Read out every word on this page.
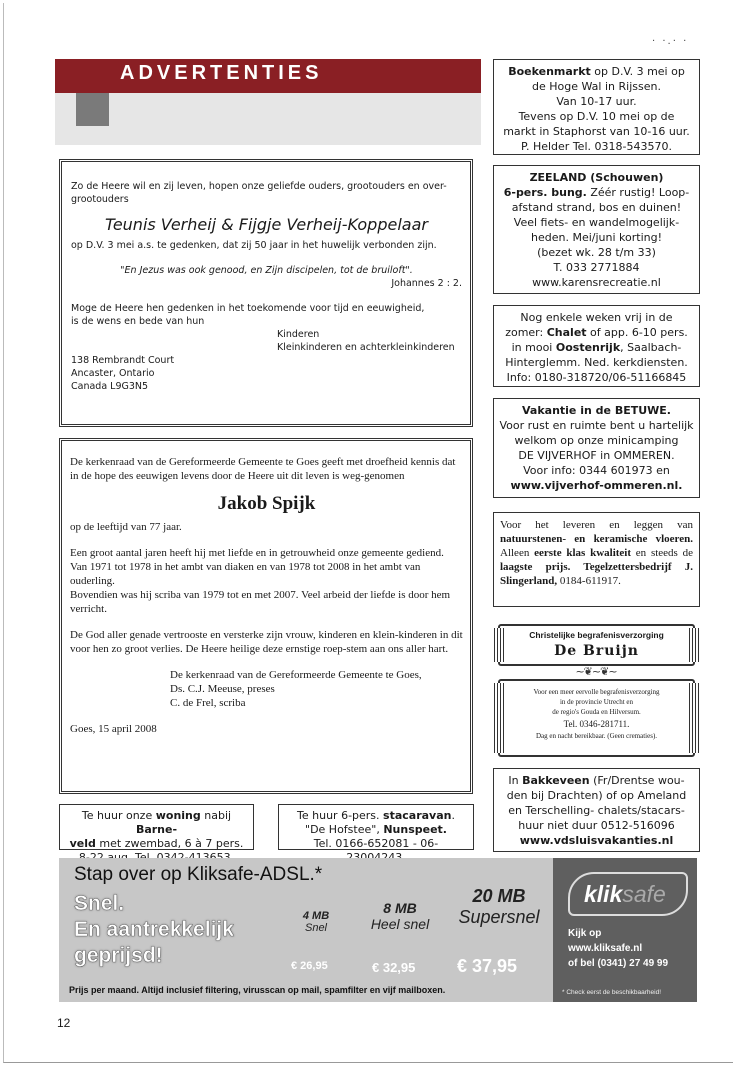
· ·.· ·
ADVERTENTIES	Boekenmarkt op D.V. 3 mei op
de Hoge Wal in Rijssen.
Van 10-17 uur.
Tevens op D.V. 10 mei op de
markt in Staphorst van 10-16 uur.
P. Helder Tel. 0318-543570.
ZEELAND (Schouwen)
6-pers. bung. Zéér rustig! Loop-
afstand strand, bos en duinen!
Veel fiets- en wandelmogelijk-
heden. Mei/juni korting!
(bezet wk. 28 t/m 33)
T. 033 2771884
www.karensrecreatie.nl
Nog enkele weken vrij in de
zomer: Chalet of app. 6-10 pers.
in mooi Oostenrijk, Saalbach-
Hinterglemm. Ned. kerkdiensten.
Info: 0180-318720/06-51166845
Vakantie in de BETUWE.
Voor rust en ruimte bent u hartelijk
welkom op onze minicamping
DE VIJVERHOF in OMMEREN.
Voor info: 0344 601973 en
www.vijverhof-ommeren.nl.
Voor het leveren en leggen van natuurstenen- en keramische vloeren. Alleen eerste klas kwaliteit en steeds de laagste prijs. Tegelzettersbedrijf J. Slingerland, 0184-611917.
Christelijke begrafenisverzorging
De Bruijn
~❦~❦~
Voor een meer eervolle begrafenisverzorging
in de provincie Utrecht en
de regio's Gouda en Hilversum.
Tel. 0346-281711.
Dag en nacht bereikbaar. (Geen crematies).
In Bakkeveen (Fr/Drentse wou-
den bij Drachten) of op Ameland
en Terschelling- chalets/stacars-
huur niet duur 0512-516096
www.vdsluisvakanties.nl
Zo de Heere wil en zij leven, hopen onze geliefde ouders, grootouders en over-grootouders
Teunis Verheij & Fijgje Verheij-Koppelaar
op D.V. 3 mei a.s. te gedenken, dat zij 50 jaar in het huwelijk verbonden zijn.
"En Jezus was ook genood, en Zijn discipelen, tot de bruiloft".
Johannes 2 : 2.
Moge de Heere hen gedenken in het toekomende voor tijd en eeuwigheid,
is de wens en bede van hun
Kinderen
Kleinkinderen en achterkleinkinderen
138 Rembrandt Court
Ancaster, Ontario
Canada L9G3N5
De kerkenraad van de Gereformeerde Gemeente te Goes geeft met droefheid kennis dat in de hope des eeuwigen levens door de Heere uit dit leven is weg-genomen
Jakob Spijk

op de leeftijd van 77 jaar.

Een groot aantal jaren heeft hij met liefde en in getrouwheid onze gemeente gediend. Van 1971 tot 1978 in het ambt van diaken en van 1978 tot 2008 in het ambt van ouderling.

Bovendien was hij scriba van 1979 tot en met 2007. Veel arbeid der liefde is door hem verricht.

De God aller genade vertrooste en versterke zijn vrouw, kinderen en klein-kinderen in dit voor hen zo groot verlies. De Heere heilige deze ernstige roep-stem aan ons aller hart.

De kerkenraad van de Gereformeerde Gemeente te Goes,
Ds. C.J. Meeuse, preses

C. de Frel, scriba

Goes, 15 april 2008
Te huur onze woning nabij Barne-
veld met zwembad, 6 à 7 pers.
Te huur 6-pers. stacaravan.
"De Hofstee", Nunspeet.
Tel. 0166-652081 - 06-
Stap over op Kliksafe-ADSL.*
Snel.
En aantrekkelijk
geprijsd!
4 MB
Snel
8 MB
Heel snel
20 MB
Supersnel
€ 26,95	€ 32,95 € 37,95
Prijs per maand. Altijd inclusief filtering, virusscan op mail, spamfilter en vijf mailboxen.
kliksafe
Kijk op
www.kliksafe.nl
of bel (0341) 27 49 99
* Check eerst de beschikbaarheid!
12
